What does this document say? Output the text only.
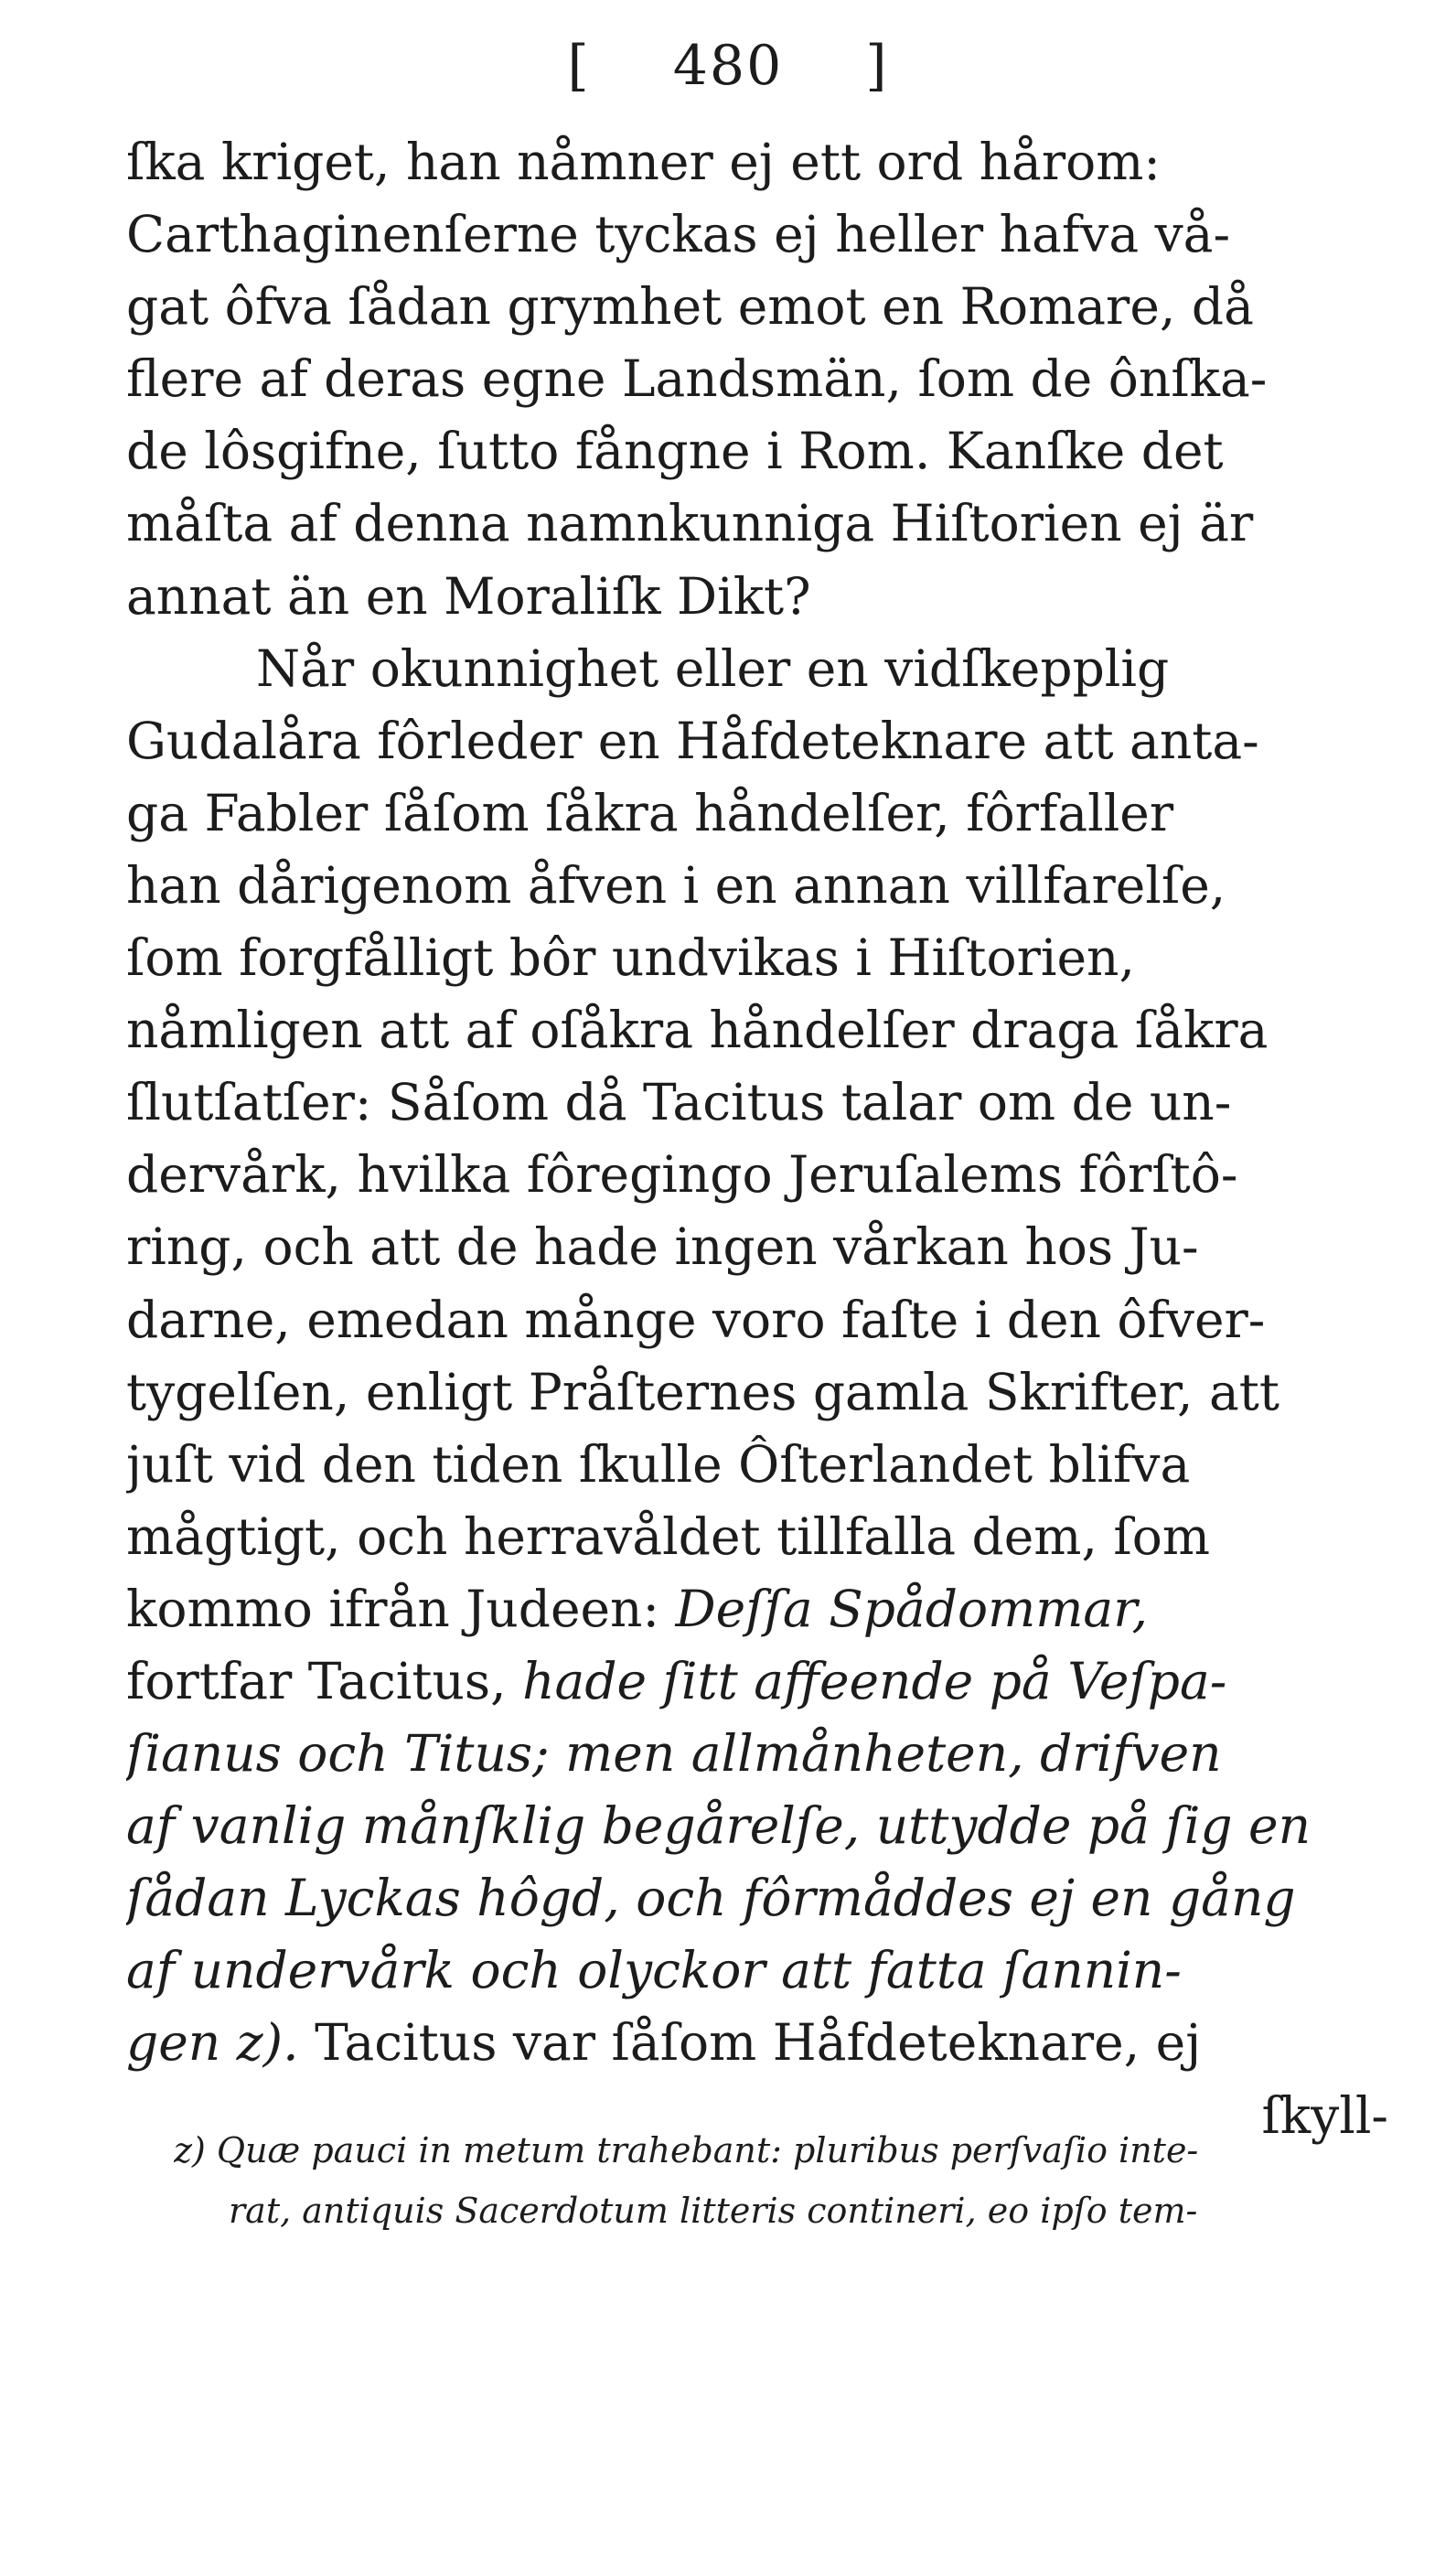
[ 480 ]
ſka kriget, han nåmner ej ett ord hårom:
Carthaginenſerne tyckas ej heller hafva vå-
gat ôfva ſådan grymhet emot en Romare, då
flere af deras egne Landsmän, ſom de ônſka-
de lôsgifne, ſutto fångne i Rom. Kanſke det
måſta af denna namnkunniga Hiſtorien ej är
annat än en Moraliſk Dikt?
Når okunnighet eller en vidſkepplig
Gudalåra fôrleder en Håfdeteknare att anta-
ga Fabler ſåſom ſåkra håndelſer, fôrfaller
han dårigenom åfven i en annan villfarelſe,
ſom forgfålligt bôr undvikas i Hiſtorien,
nåmligen att af oſåkra håndelſer draga ſåkra
ſlutſatſer: Såſom då Tacitus talar om de un-
dervårk, hvilka fôregingo Jeruſalems fôrſtô-
ring, och att de hade ingen vårkan hos Ju-
darne, emedan månge voro faſte i den ôfver-
tygelſen, enligt Pråſternes gamla Skrifter, att
juſt vid den tiden ſkulle Ôſterlandet blifva
mågtigt, och herravåldet tillfalla dem, ſom
kommo ifrån Judeen: Deſſa Spådommar,
fortfar Tacitus, hade ſitt affeende på Veſpa-
ſianus och Titus; men allmånheten, drifven
af vanlig månſklig begårelſe, uttydde på ſig en
ſådan Lyckas hôgd, och fôrmåddes ej en gång
af undervårk och olyckor att fatta ſannin-
gen z). Tacitus var ſåſom Håfdeteknare, ej
ſkyll-
z) Quæ pauci in metum trahebant: pluribus perſvaſio inte-
rat, antiquis Sacerdotum litteris contineri, eo ipſo tem-
